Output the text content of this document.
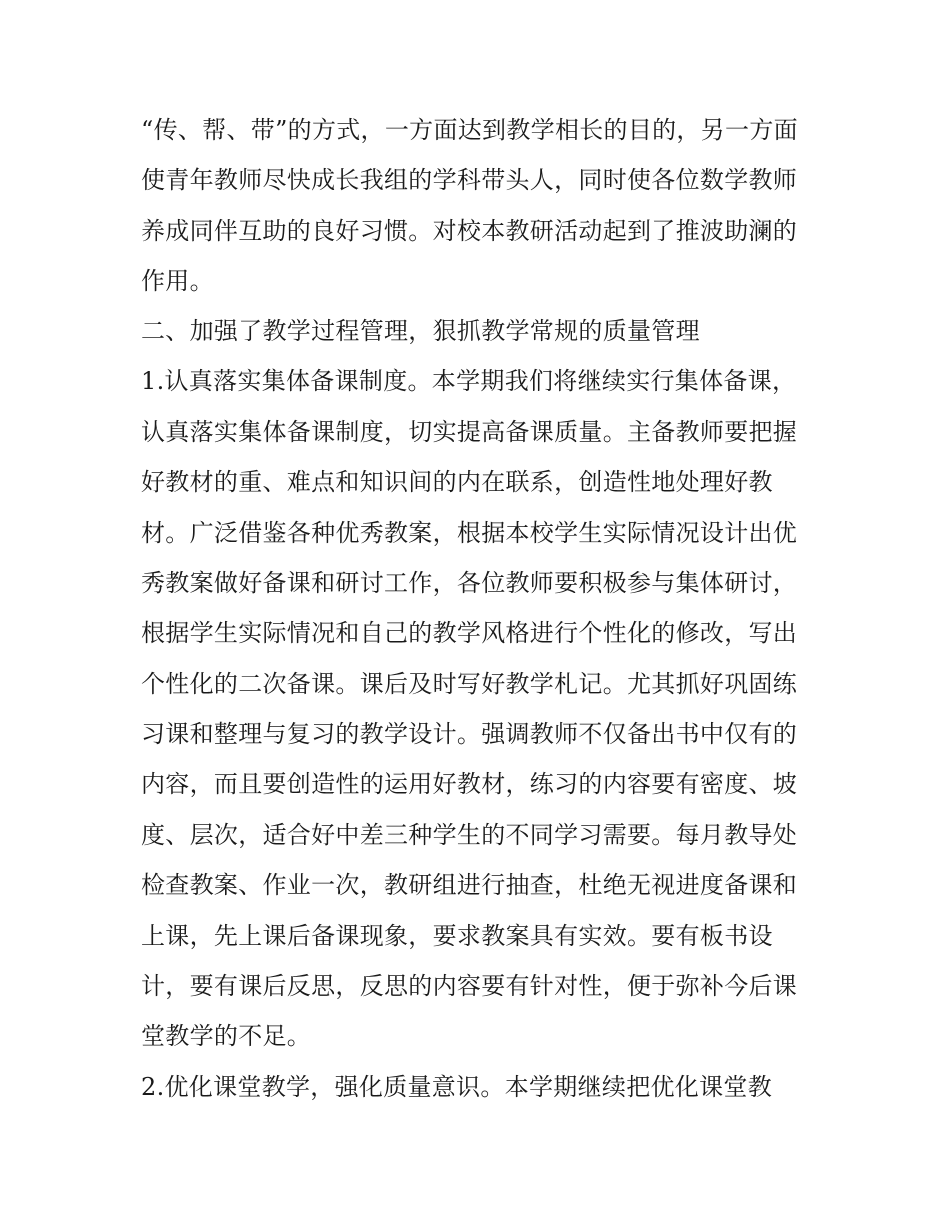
“传、帮、带”的方式，一方面达到教学相长的目的，另一方面
使青年教师尽快成长我组的学科带头人，同时使各位数学教师
养成同伴互助的良好习惯。对校本教研活动起到了推波助澜的
作用。
二、加强了教学过程管理，狠抓教学常规的质量管理
1.认真落实集体备课制度。本学期我们将继续实行集体备课，
认真落实集体备课制度，切实提高备课质量。主备教师要把握
好教材的重、难点和知识间的内在联系，创造性地处理好教
材。广泛借鉴各种优秀教案，根据本校学生实际情况设计出优
秀教案做好备课和研讨工作，各位教师要积极参与集体研讨，
根据学生实际情况和自己的教学风格进行个性化的修改，写出
个性化的二次备课。课后及时写好教学札记。尤其抓好巩固练
习课和整理与复习的教学设计。强调教师不仅备出书中仅有的
内容，而且要创造性的运用好教材，练习的内容要有密度、坡
度、层次，适合好中差三种学生的不同学习需要。每月教导处
检查教案、作业一次，教研组进行抽查，杜绝无视进度备课和
上课，先上课后备课现象，要求教案具有实效。要有板书设
计，要有课后反思，反思的内容要有针对性，便于弥补今后课
堂教学的不足。
2.优化课堂教学，强化质量意识。本学期继续把优化课堂教
